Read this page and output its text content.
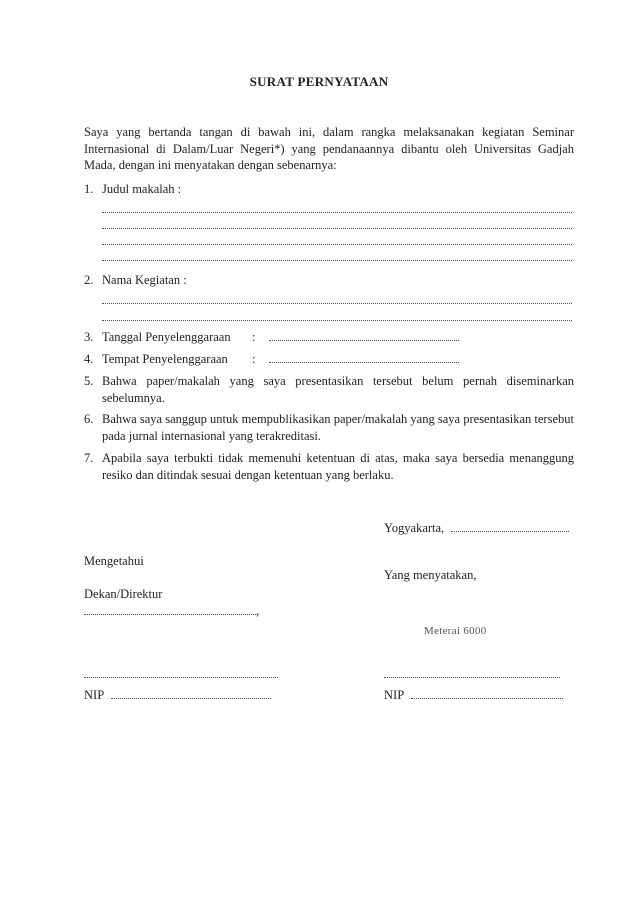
SURAT PERNYATAAN
Saya yang bertanda tangan di bawah ini, dalam rangka melaksanakan kegiatan Seminar Internasional di Dalam/Luar Negeri*) yang pendanaannya dibantu oleh Universitas Gadjah Mada, dengan ini menyatakan dengan sebenarnya:
1. Judul makalah :
2. Nama Kegiatan :
3. Tanggal Penyelenggaraan :
4. Tempat Penyelenggaraan :
5. Bahwa paper/makalah yang saya presentasikan tersebut belum pernah diseminarkan sebelumnya.
6. Bahwa saya sanggup untuk mempublikasikan paper/makalah yang saya presentasikan tersebut pada jurnal internasional yang terakreditasi.
7. Apabila saya terbukti tidak memenuhi ketentuan di atas, maka saya bersedia menanggung resiko dan ditindak sesuai dengan ketentuan yang berlaku.
Yogyakarta,
Mengetahui
Yang menyatakan,
Dekan/Direktur
,
Meterai 6000
NIP	NIP
